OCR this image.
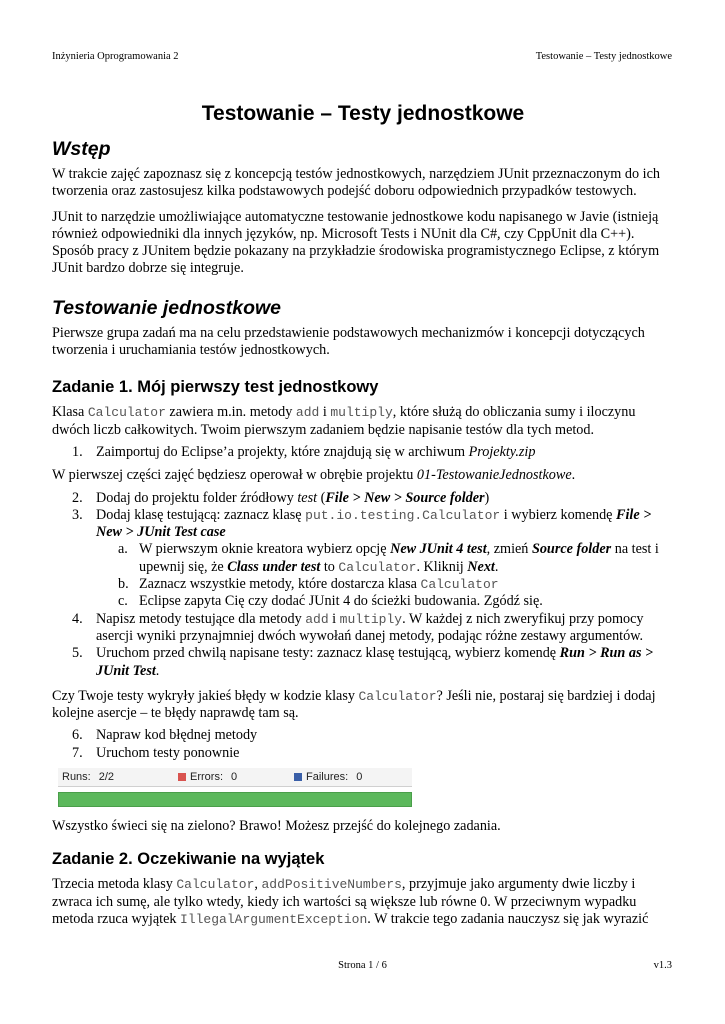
Inżynieria Oprogramowania 2	Testowanie – Testy jednostkowe
Testowanie – Testy jednostkowe
Wstęp

W trakcie zajęć zapoznasz się z koncepcją testów jednostkowych, narzędziem JUnit przeznaczonym do ich tworzenia oraz zastosujesz kilka podstawowych podejść doboru odpowiednich przypadków testowych.

JUnit to narzędzie umożliwiające automatyczne testowanie jednostkowe kodu napisanego w Javie (istnieją również odpowiedniki dla innych języków, np. Microsoft Tests i NUnit dla C#, czy CppUnit dla C++). Sposób pracy z JUnitem będzie pokazany na przykładzie środowiska programistycznego Eclipse, z którym JUnit bardzo dobrze się integruje.

Testowanie jednostkowe

Pierwsze grupa zadań ma na celu przedstawienie podstawowych mechanizmów i koncepcji dotyczących tworzenia i uruchamiania testów jednostkowych.

Zadanie 1. Mój pierwszy test jednostkowy

Klasa Calculator zawiera m.in. metody add i multiply, które służą do obliczania sumy i iloczynu dwóch liczb całkowitych. Twoim pierwszym zadaniem będzie napisanie testów dla tych metod.

1. Zaimportuj do Eclipse’a projekty, które znajdują się w archiwum Projekty.zip

W pierwszej części zajęć będziesz operował w obrębie projektu 01-TestowanieJednostkowe.

2. Dodaj do projektu folder źródłowy test (File > New > Source folder)
3. Dodaj klasę testującą: zaznacz klasę put.io.testing.Calculator i wybierz komendę File > New > JUnit Test case
a. W pierwszym oknie kreatora wybierz opcję New JUnit 4 test, zmień Source folder na test i upewnij się, że Class under test to Calculator. Kliknij Next.
b. Zaznacz wszystkie metody, które dostarcza klasa Calculator
c. Eclipse zapyta Cię czy dodać JUnit 4 do ścieżki budowania. Zgódź się.
4. Napisz metody testujące dla metody add i multiply. W każdej z nich zweryfikuj przy pomocy asercji wyniki przynajmniej dwóch wywołań danej metody, podając różne zestawy argumentów.
5. Uruchom przed chwilą napisane testy: zaznacz klasę testującą, wybierz komendę Run > Run as > JUnit Test.

Czy Twoje testy wykryły jakieś błędy w kodzie klasy Calculator? Jeśli nie, postaraj się bardziej i dodaj kolejne asercje – te błędy naprawdę tam są.

6. Napraw kod błędnej metody
7. Uruchom testy ponownie
Runs: 2/2	Errors: 0	Failures: 0

Wszystko świeci się na zielono? Brawo! Możesz przejść do kolejnego zadania.

Zadanie 2. Oczekiwanie na wyjątek

Trzecia metoda klasy Calculator, addPositiveNumbers, przyjmuje jako argumenty dwie liczby i zwraca ich sumę, ale tylko wtedy, kiedy ich wartości są większe lub równe 0. W przeciwnym wypadku metoda rzuca wyjątek IllegalArgumentException. W trakcie tego zadania nauczysz się jak wyrazić

Strona 1 / 6	v1.3
